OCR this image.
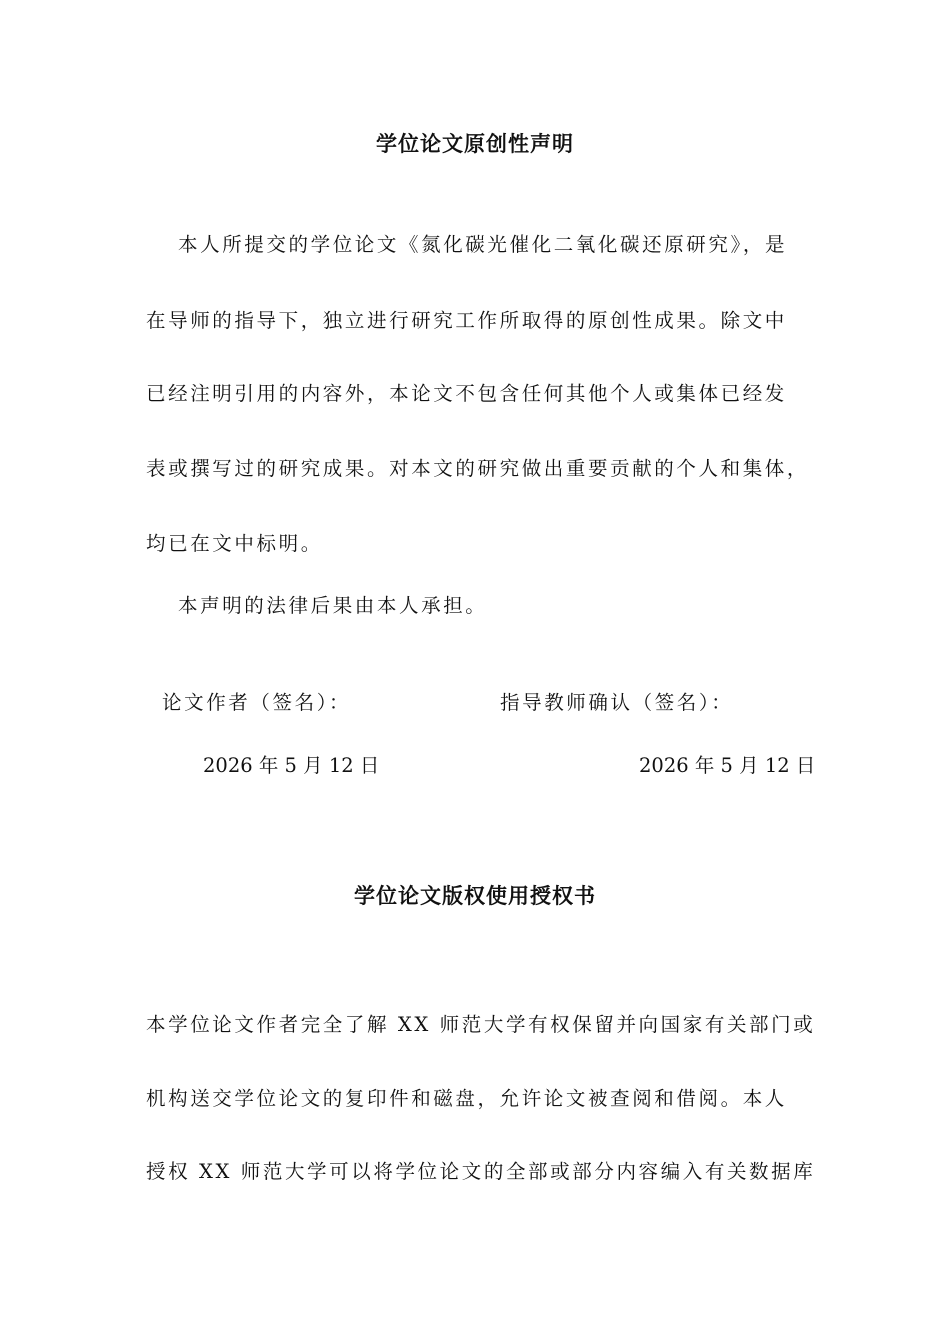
学位论文原创性声明
本人所提交的学位论文《氮化碳光催化二氧化碳还原研究》，是
在导师的指导下，独立进行研究工作所取得的原创性成果。除文中
已经注明引用的内容外，本论文不包含任何其他个人或集体已经发
表或撰写过的研究成果。对本文的研究做出重要贡献的个人和集体，
均已在文中标明。
本声明的法律后果由本人承担。
论文作者（签名）：	指导教师确认（签名）：
2026 年 5 月 12 日	2026 年 5 月 12 日
学位论文版权使用授权书
本学位论文作者完全了解 XX 师范大学有权保留并向国家有关部门或
机构送交学位论文的复印件和磁盘，允许论文被查阅和借阅。本人
授权 XX 师范大学可以将学位论文的全部或部分内容编入有关数据库
